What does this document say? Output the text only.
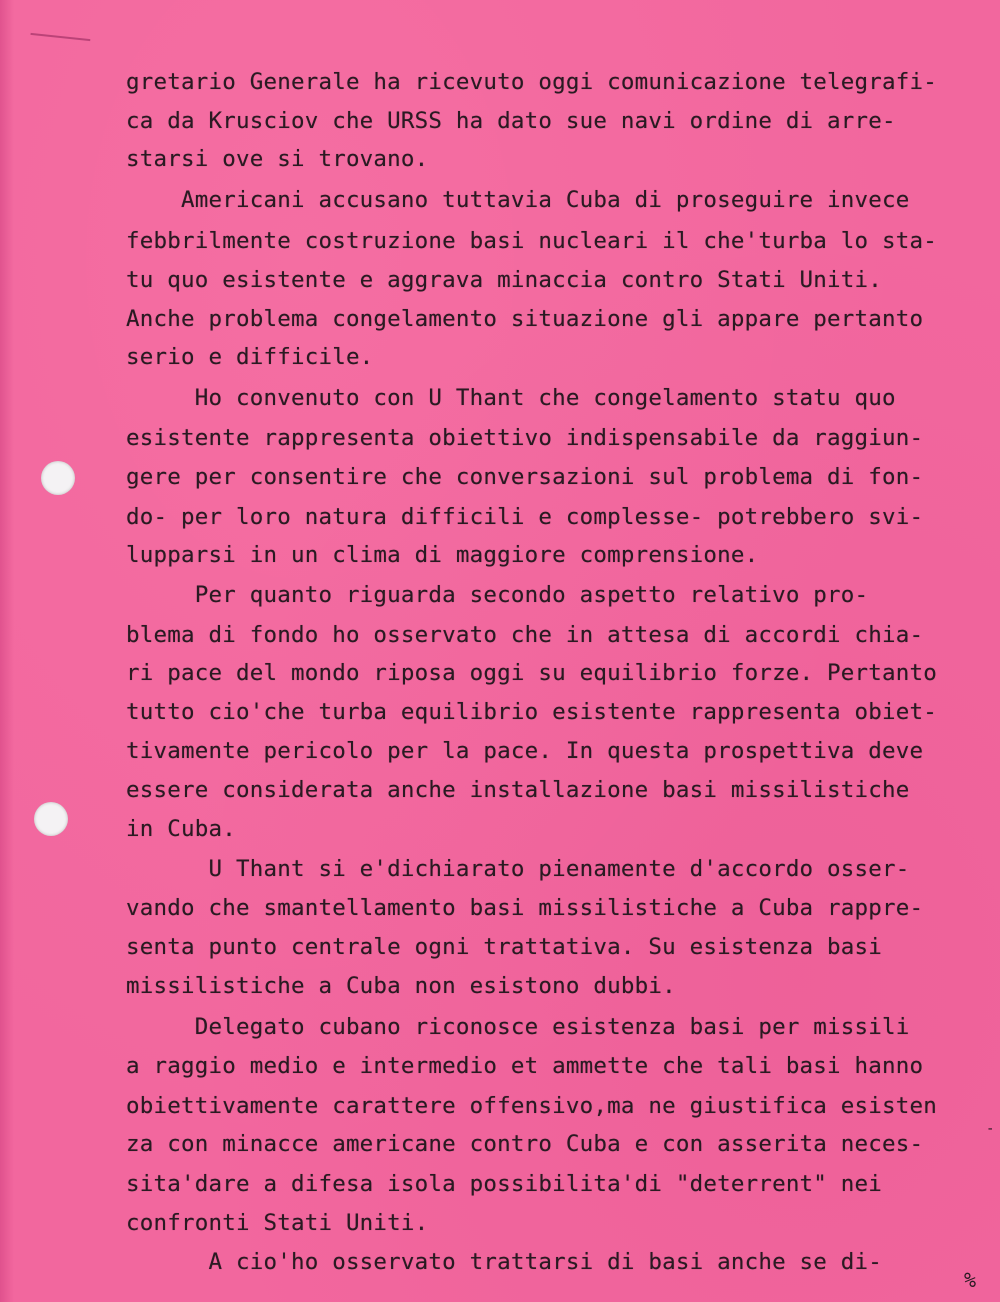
gretario Generale ha ricevuto oggi comunicazione telegrafi-

ca da Krusciov che URSS ha dato sue navi ordine di arre-

starsi ove si trovano.

Americani accusano tuttavia Cuba di proseguire invece

febbrilmente costruzione basi nucleari il che'turba lo sta-

tu quo esistente e aggrava minaccia contro Stati Uniti.

Anche problema congelamento situazione gli appare pertanto

serio e difficile.

Ho convenuto con U Thant che congelamento statu quo

esistente rappresenta obiettivo indispensabile da raggiun-

gere per consentire che conversazioni sul problema di fon-

do- per loro natura difficili e complesse- potrebbero svi-

lupparsi in un clima di maggiore comprensione.

Per quanto riguarda secondo aspetto relativo pro-

blema di fondo ho osservato che in attesa di accordi chia-

ri pace del mondo riposa oggi su equilibrio forze. Pertanto

tutto cio'che turba equilibrio esistente rappresenta obiet-

tivamente pericolo per la pace. In questa prospettiva deve

essere considerata anche installazione basi missilistiche

in Cuba.

U Thant si e'dichiarato pienamente d'accordo osser-

vando che smantellamento basi missilistiche a Cuba rappre-

senta punto centrale ogni trattativa. Su esistenza basi

missilistiche a Cuba non esistono dubbi.

Delegato cubano riconosce esistenza basi per missili

a raggio medio e intermedio et ammette che tali basi hanno

obiettivamente carattere offensivo,ma ne giustifica esisten

za con minacce americane contro Cuba e con asserita neces-

sita'dare a difesa isola possibilita'di "deterrent" nei

confronti Stati Uniti.

A cio'ho osservato trattarsi di basi anche se di-

-
%
